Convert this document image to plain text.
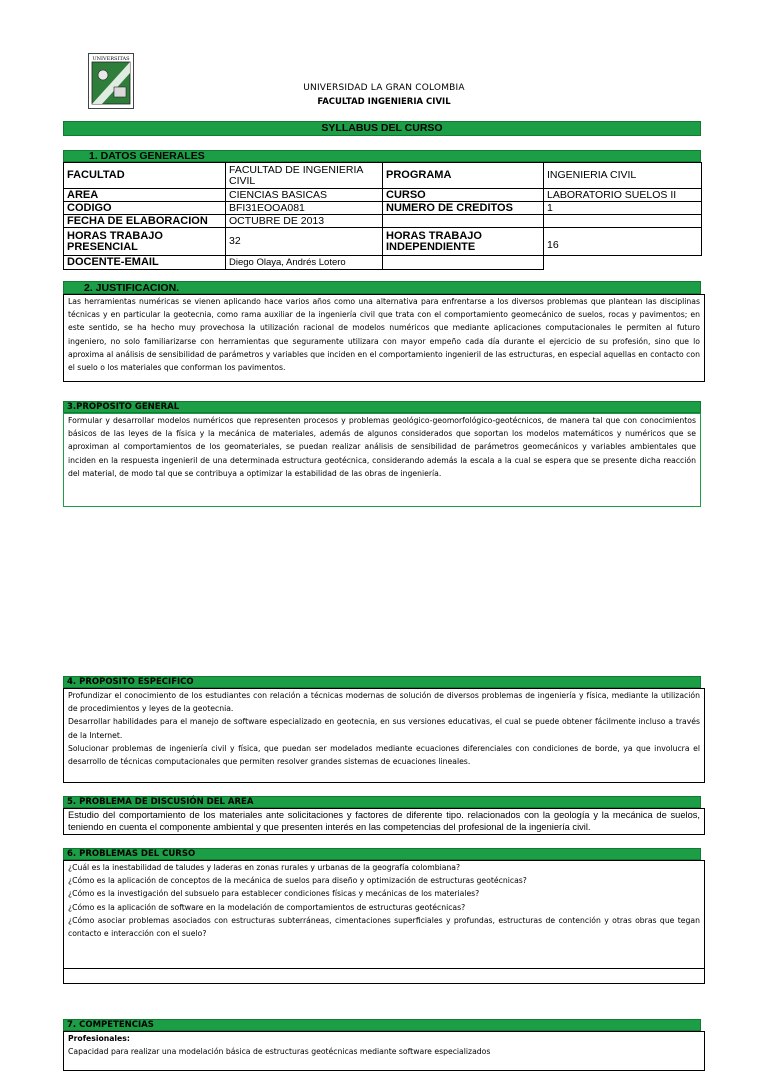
UNIVERSITAS
UNIVERSIDAD LA GRAN COLOMBIA
FACULTAD INGENIERIA CIVIL
SYLLABUS DEL CURSO
1. DATOS GENERALES
FACULTAD	FACULTAD DE INGENIERIA CIVIL	PROGRAMA	INGENIERIA CIVIL
AREA	CIENCIAS BASICAS	CURSO	LABORATORIO SUELOS II
CODIGO	BFI31EOOA081	NUMERO DE CREDITOS	1
FECHA DE ELABORACION	OCTUBRE DE 2013		
HORAS TRABAJO PRESENCIAL	32	HORAS TRABAJO INDEPENDIENTE	16
DOCENTE-EMAIL	Diego Olaya, Andrés Lotero		
2. JUSTIFICACION.

Las herramientas numéricas se vienen aplicando hace varios años como una alternativa para enfrentarse a los diversos problemas que plantean las disciplinas técnicas y en particular la geotecnia, como rama auxiliar de la ingeniería civil que trata con el comportamiento geomecánico de suelos, rocas y pavimentos; en este sentido, se ha hecho muy provechosa la utilización racional de modelos numéricos que mediante aplicaciones computacionales le permiten al futuro ingeniero, no solo familiarizarse con herramientas que seguramente utilizara con mayor empeño cada día durante el ejercicio de su profesión, sino que lo aproxima al análisis de sensibilidad de parámetros y variables que inciden en el comportamiento ingenieril de las estructuras, en especial aquellas en contacto con el suelo o los materiales que conforman los pavimentos.

3.PROPOSITO GENERAL

Formular y desarrollar modelos numéricos que representen procesos y problemas geológico-geomorfológico-geotécnicos, de manera tal que con conocimientos básicos de las leyes de la física y la mecánica de materiales, además de algunos considerados que soportan los modelos matemáticos y numéricos que se aproximan al comportamientos de los geomateriales, se puedan realizar análisis de sensibilidad de parámetros geomecánicos y variables ambientales que inciden en la respuesta ingenieril de una determinada estructura geotécnica, considerando además la escala a la cual se espera que se presente dicha reacción del material, de modo tal que se contribuya a optimizar la estabilidad de las obras de ingeniería.

4. PROPOSITO ESPECIFICO

Profundizar el conocimiento de los estudiantes con relación a técnicas modernas de solución de diversos problemas de ingeniería y física, mediante la utilización de procedimientos y leyes de la geotecnia.

Desarrollar habilidades para el manejo de software especializado en geotecnia, en sus versiones educativas, el cual se puede obtener fácilmente incluso a través de la Internet.

Solucionar problemas de ingeniería civil y física, que puedan ser modelados mediante ecuaciones diferenciales con condiciones de borde, ya que involucra el desarrollo de técnicas computacionales que permiten resolver grandes sistemas de ecuaciones lineales.

5. PROBLEMA DE DISCUSIÓN DEL AREA

Estudio del comportamiento de los materiales ante solicitaciones y factores de diferente tipo. relacionados con la geología y la mecánica de suelos, teniendo en cuenta el componente ambiental y que presenten interés en las competencias del profesional de la ingeniería civil.

6. PROBLEMAS DEL CURSO

¿Cuál es la inestabilidad de taludes y laderas en zonas rurales y urbanas de la geografía colombiana?

¿Cómo es la aplicación de conceptos de la mecánica de suelos para diseño y optimización de estructuras geotécnicas?

¿Cómo es la investigación del subsuelo para establecer condiciones físicas y mecánicas de los materiales?

¿Cómo es la aplicación de software en la modelación de comportamientos de estructuras geotécnicas?

¿Cómo asociar problemas asociados con estructuras subterráneas, cimentaciones superficiales y profundas, estructuras de contención y otras obras que tegan contacto e interacción con el suelo?

7. COMPETENCIAS

Profesionales:

Capacidad para realizar una modelación básica de estructuras geotécnicas mediante software especializados
